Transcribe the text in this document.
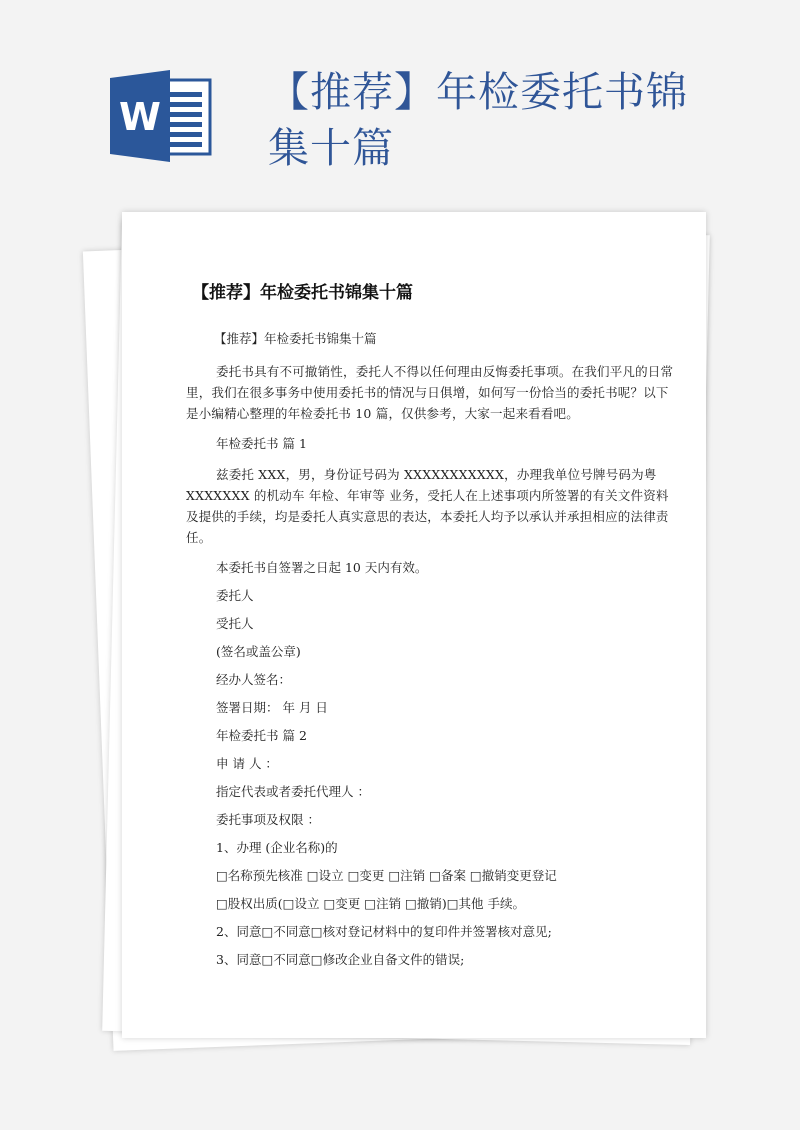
W
【推荐】年检委托书锦
集十篇
【推荐】年检委托书锦集十篇
【推荐】年检委托书锦集十篇

委托书具有不可撤销性，委托人不得以任何理由反悔委托事项。在我们平凡的日常里，我们在很多事务中使用委托书的情况与日俱增，如何写一份恰当的委托书呢？以下是小编精心整理的年检委托书 10 篇，仅供参考，大家一起来看看吧。

年检委托书 篇 1

兹委托 XXX，男，身份证号码为 XXXXXXXXXXX，办理我单位号牌号码为粤 XXXXXXX 的机动车 年检、年审等 业务，受托人在上述事项内所签署的有关文件资料及提供的手续，均是委托人真实意思的表达，本委托人均予以承认并承担相应的法律责任。

本委托书自签署之日起 10 天内有效。

委托人

受托人

(签名或盖公章)

经办人签名：

签署日期： 年 月 日

年检委托书 篇 2

申 请 人 ：

指定代表或者委托代理人 ：

委托事项及权限 ：

1、办理 (企业名称)的

□名称预先核准 □设立 □变更 □注销 □备案 □撤销变更登记

□股权出质(□设立 □变更 □注销 □撤销)□其他 手续。

2、同意□不同意□核对登记材料中的复印件并签署核对意见;

3、同意□不同意□修改企业自备文件的错误;
